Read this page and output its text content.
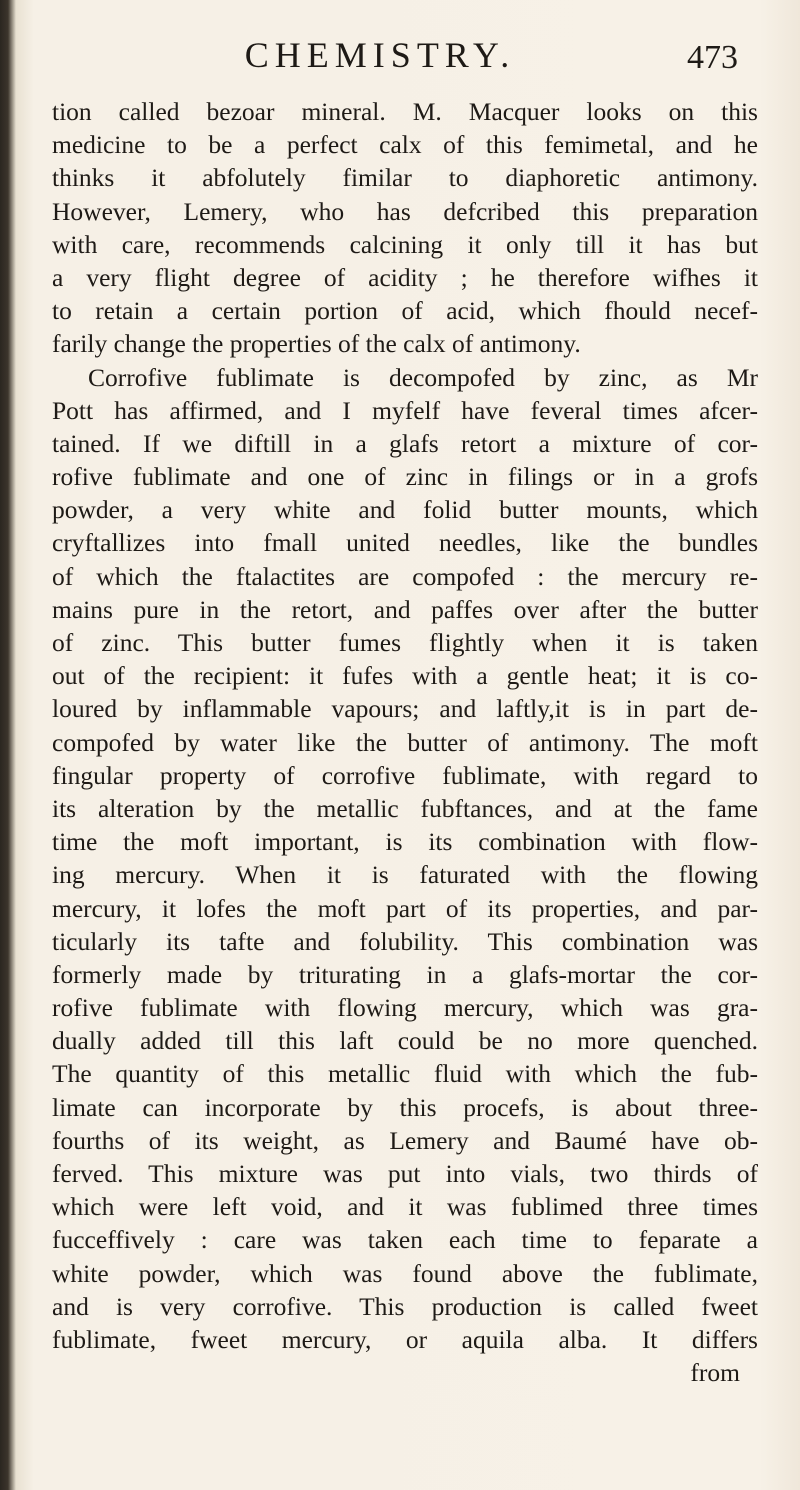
CHEMISTRY.	473
tion called bezoar mineral. M. Macquer looks on this
medicine to be a perfect calx of this femimetal, and he
thinks it abfolutely fimilar to diaphoretic antimony.
However, Lemery, who has defcribed this preparation
with care, recommends calcining it only till it has but
a very flight degree of acidity ; he therefore wifhes it
to retain a certain portion of acid, which fhould necef-
farily change the properties of the calx of antimony.
Corrofive fublimate is decompofed by zinc, as Mr
Pott has affirmed, and I myfelf have feveral times afcer-
tained. If we diftill in a glafs retort a mixture of cor-
rofive fublimate and one of zinc in filings or in a grofs
powder, a very white and folid butter mounts, which
cryftallizes into fmall united needles, like the bundles
of which the ftalactites are compofed : the mercury re-
mains pure in the retort, and paffes over after the butter
of zinc. This butter fumes flightly when it is taken
out of the recipient: it fufes with a gentle heat; it is co-
loured by inflammable vapours; and laftly,it is in part de-
compofed by water like the butter of antimony. The moft
fingular property of corrofive fublimate, with regard to
its alteration by the metallic fubftances, and at the fame
time the moft important, is its combination with flow-
ing mercury. When it is faturated with the flowing
mercury, it lofes the moft part of its properties, and par-
ticularly its tafte and folubility. This combination was
formerly made by triturating in a glafs-mortar the cor-
rofive fublimate with flowing mercury, which was gra-
dually added till this laft could be no more quenched.
The quantity of this metallic fluid with which the fub-
limate can incorporate by this procefs, is about three-
fourths of its weight, as Lemery and Baumé have ob-
ferved. This mixture was put into vials, two thirds of
which were left void, and it was fublimed three times
fucceffively : care was taken each time to feparate a
white powder, which was found above the fublimate,
and is very corrofive. This production is called fweet
fublimate, fweet mercury, or aquila alba. It differs
from
